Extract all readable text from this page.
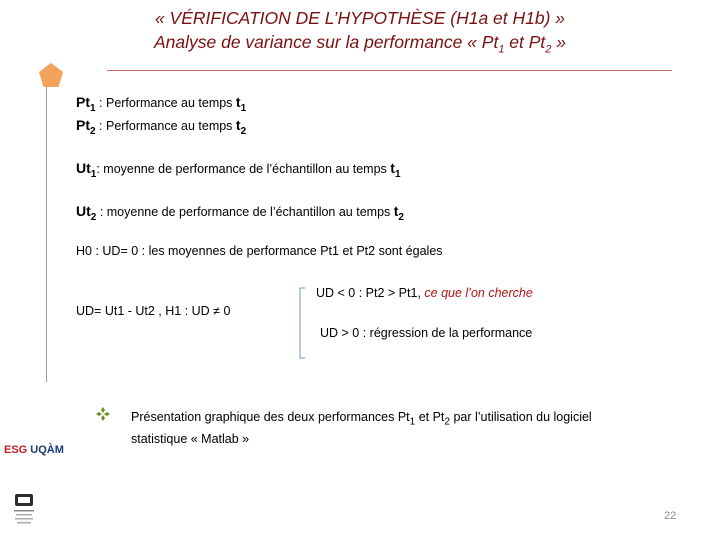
« VÉRIFICATION DE L’HYPOTHÈSE (H1a et H1b) »
Analyse de variance sur la performance « $Pt_1$ et $Pt_2$ »
$Pt_1$ : Performance au temps $t_1$
$Pt_2$ : Performance au temps $t_2$
$Ut_1$: moyenne de performance de l’échantillon au temps $t_1$
$Ut_2$ : moyenne de performance de l’échantillon au temps $t_2$
H0 : UD= 0 : les moyennes de performance Pt1 et Pt2 sont égales
UD= Ut1 - Ut2 , H1 : UD ≠ 0
UD < 0 : Pt2 > Pt1, ce que l’on cherche
UD > 0 : régression de la performance
Présentation graphique des deux performances $Pt_1$ et $Pt_2$ par l’utilisation du logiciel
statistique « Matlab »
ESG UQÀM
22
